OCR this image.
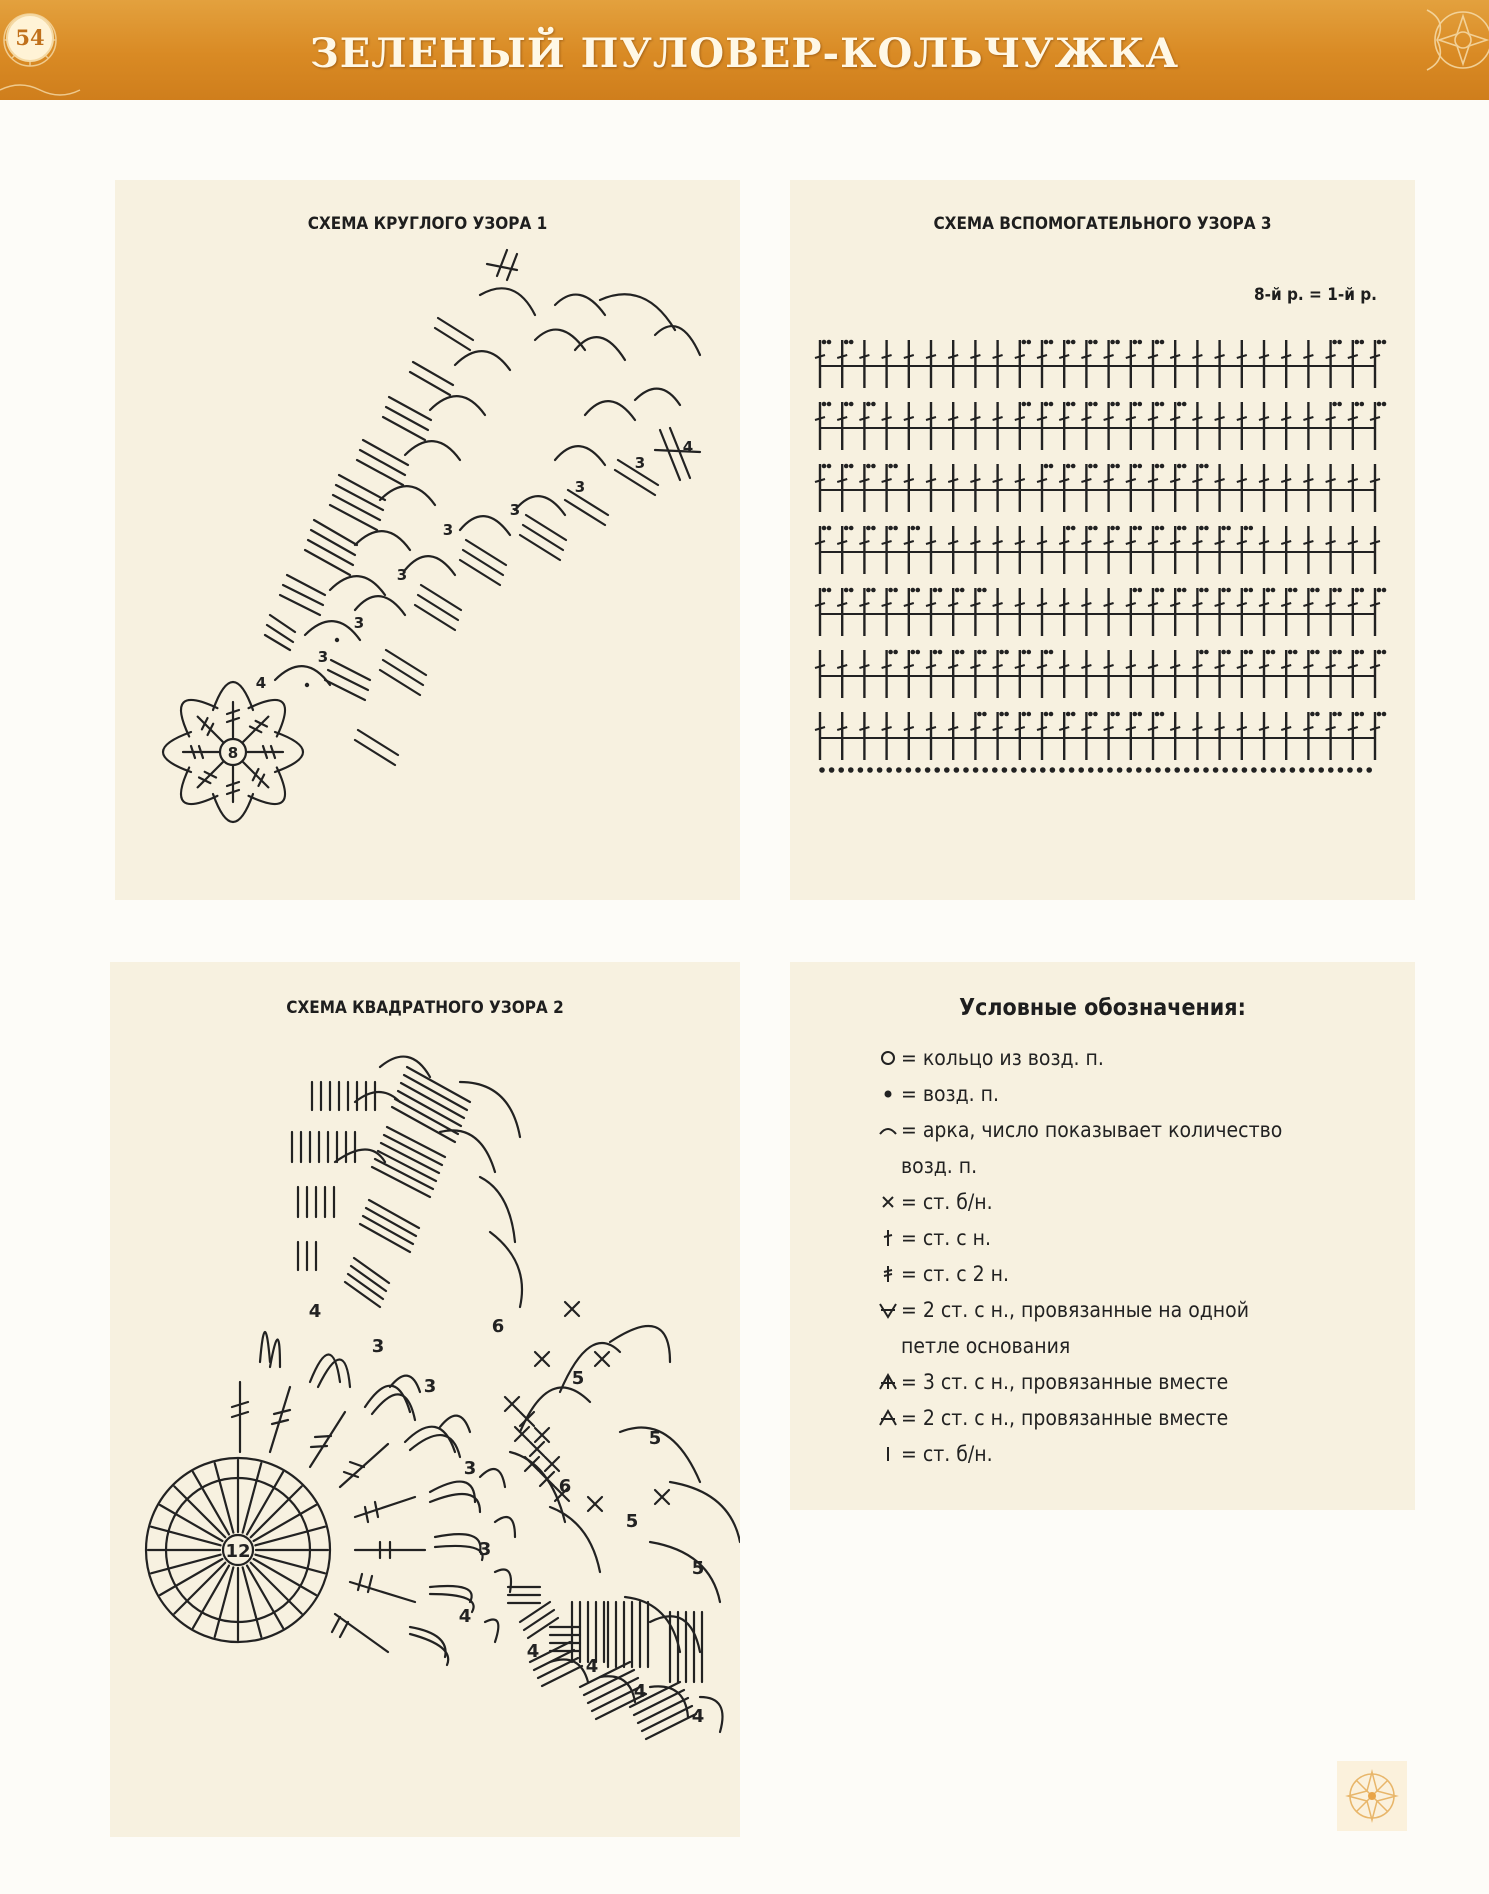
54	ЗЕЛЕНЫЙ ПУЛОВЕР-КОЛЬЧУЖКА
СХЕМА КРУГЛОГО УЗОРА 1
8
4
3
3
3
3
3
3
3
4
СХЕМА ВСПОМОГАТЕЛЬНОГО УЗОРА 3
8-й р. = 1-й р.
СХЕМА КВАДРАТНОГО УЗОРА 2
12
4
3
3
3
3
4
6
5
5
6
5
5
4
4
4
4
Условные обозначения:
= кольцо из возд. п.
= возд. п.
= арка, число показывает количество
возд. п.
= ст. б/н.
= ст. с н.
= ст. с 2 н.
= 2 ст. с н., провязанные на одной
петле основания
= 3 ст. с н., провязанные вместе
= 2 ст. с н., провязанные вместе
= ст. б/н.
